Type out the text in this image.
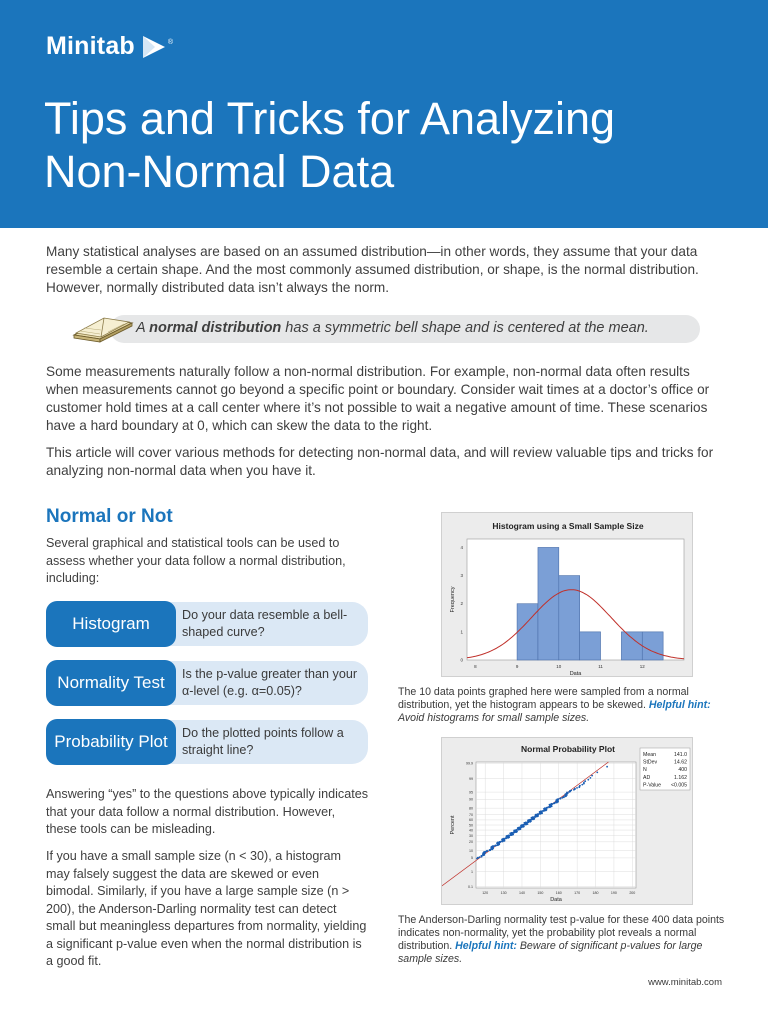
Minitab	®
Tips and Tricks for Analyzing
Non-Normal Data

Many statistical analyses are based on an assumed distribution—in other words, they assume that your data resemble a certain shape. And the most commonly assumed distribution, or shape, is the normal distribution. However, normally distributed data isn’t always the norm.

A normal distribution has a symmetric bell shape and is centered at the mean.

Some measurements naturally follow a non-normal distribution. For example, non-normal data often results when measurements cannot go beyond a specific point or boundary. Consider wait times at a doctor’s office or customer hold times at a call center where it’s not possible to wait a negative amount of time. These scenarios have a hard boundary at 0, which can skew the data to the right.

This article will cover various methods for detecting non-normal data, and will review valuable tips and tricks for analyzing non-normal data when you have it.

Normal or Not

Several graphical and statistical tools can be used to assess whether your data follow a normal distribution, including:

Do your data resemble a bell-shaped curve?
Histogram
Is the p-value greater than your α-level (e.g. α=0.05)?
Normality Test
Do the plotted points follow a straight line?
Probability Plot

Answering “yes” to the questions above typically indicates that your data follow a normal distribution. However, these tools can be misleading.

If you have a small sample size (n < 30), a histogram may falsely suggest the data are skewed or even bimodal. Similarly, if you have a large sample size (n > 200), the Anderson-Darling normality test can detect small but meaningless departures from normality, yielding a significant p-value even when the normal distribution is a good fit.

Histogram using a Small Sample Size
8	9	10	11	12
0
1
2
3
4
Data
Frequency

The 10 data points graphed here were sampled from a normal distribution, yet the histogram appears to be skewed. Helpful hint: Avoid histograms for small sample sizes.

Normal Probability Plot
0.1
1
5
10
20
30
40
50
60
70
80
90
95
99
99.9
120	130	140	150	160	170	180	190	200
Mean	141.0
StDev	14.62
N	400
AD	1.162
P-Value <0.005
Data
Percent

The Anderson-Darling normality test p-value for these 400 data points indicates non-normality, yet the probability plot reveals a normal distribution. Helpful hint: Beware of significant p-values for large sample sizes.

www.minitab.com
